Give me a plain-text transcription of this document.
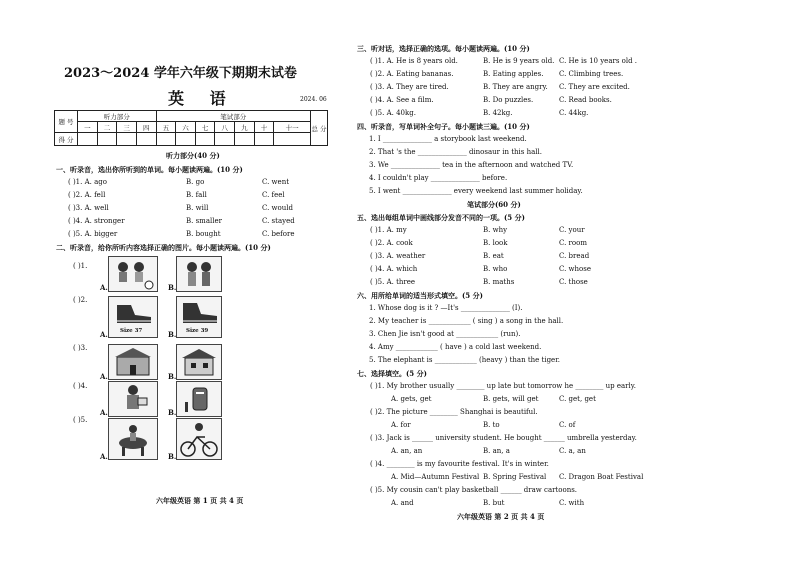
2023～2024 学年六年级下期期末试卷
英 语	2024. 06
题 号	听力部分				笔试部分							总 分
	一	二	三	四	五	六	七	八	九	十	十一	
得 分												
听力部分(40 分)
一、听录音，选出你所听到的单词。每小题读两遍。(10 分)
( )1. A. ago	B. go	C. went
( )2. A. fell	B. fall	C. feel
( )3. A. well	B. will	C. would
( )4. A. stronger	B. smaller	C. stayed
( )5. A. bigger	B. bought	C. before
二、听录音，给你所听内容选择正确的图片。每小题读两遍。(10 分)
( )1.
A.	B.
( )2.
A. Size 37	B. Size 39
( )3.
A.	B.
( )4.
A.	B.
( )5.
A.	B.
六年级英语 第 1 页 共 4 页
三、听对话，选择正确的选项。每小题读两遍。(10 分)
( )1. A. He is 8 years old.	B. He is 9 years old. C. He is 10 years old .
( )2. A. Eating bananas.	B. Eating apples. C. Climbing trees.
( )3. A. They are tired.	B. They are angry. C. They are excited.
( )4. A. See a film.	B. Do puzzles.	C. Read books.
( )5. A. 40kg.	B. 42kg.	C. 44kg.
四、听录音，写单词补全句子。每小题读三遍。(10 分)
1. I ______________ a storybook last weekend.
2. That 's the ______________ dinosaur in this hall.
3. We ______________ tea in the afternoon and watched TV.
4. I couldn't play ______________ before.
5. I went ______________ every weekend last summer holiday.
笔试部分(60 分)
五、选出每组单词中画线部分发音不同的一项。(5 分)
( )1. A. my	B. why	C. your
( )2. A. cook	B. look	C. room
( )3. A. weather	B. eat	C. bread
( )4. A. which	B. who	C. whose
( )5. A. three	B. maths	C. those
六、用所给单词的适当形式填空。(5 分)
1. Whose dog is it ? —It's ______________ (I).
2. My teacher is ____________ ( sing ) a song in the hall.
3. Chen Jie isn't good at ____________ (run).
4. Amy ____________ ( have ) a cold last weekend.
5. The elephant is ____________ (heavy ) than the tiger.
七、选择填空。(5 分)
( )1. My brother usually ________ up late but tomorrow he ________ up early.
A. gets, get	B. gets, will get	C. get, get
( )2. The picture ________ Shanghai is beautiful.
A. for	B. to	C. of
( )3. Jack is ______ university student. He bought ______ umbrella yesterday.
A. an, an	B. an, a	C. a, an
( )4. ________ is my favourite festival. It's in winter.
A. Mid—Autumn Festival B. Spring Festival C. Dragon Boat Festival
( )5. My cousin can't play basketball ______ draw cartoons.
A. and	B. but	C. with
六年级英语 第 2 页 共 4 页
